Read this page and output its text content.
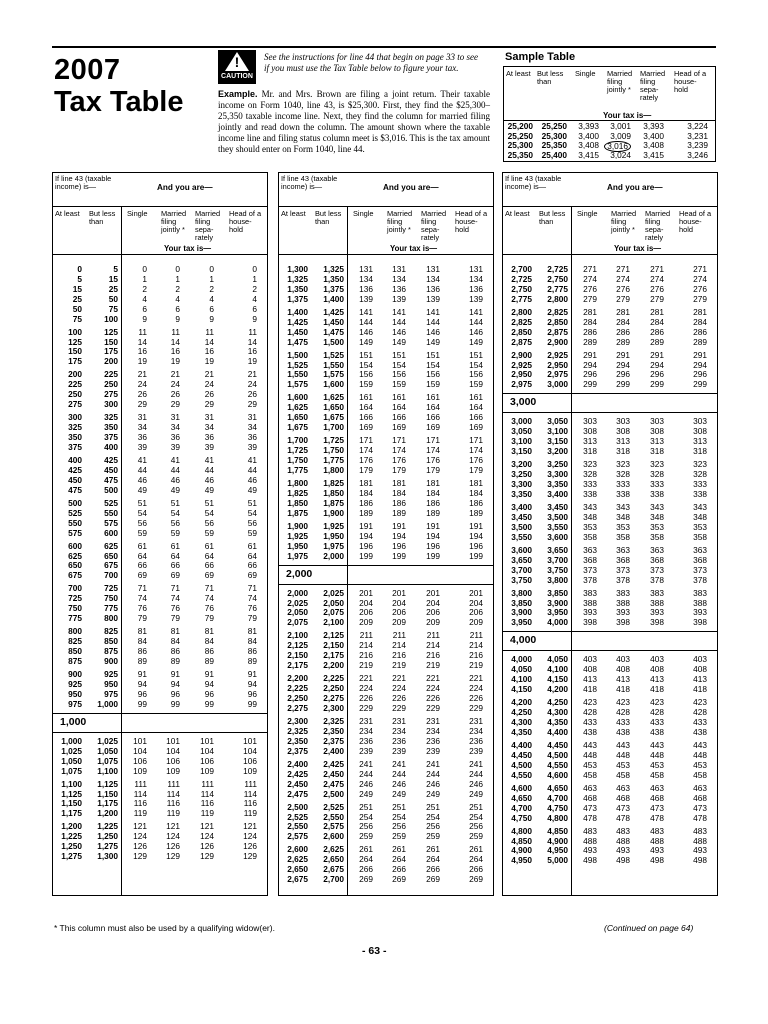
2007
Tax Table
!
CAUTION
See the instructions for line 44 that begin on page 33 to see if you must use the Tax Table below to figure your tax.
Example. Mr. and Mrs. Brown are filing a joint return. Their taxable income on Form 1040, line 43, is $25,300. First, they find the $25,300–25,350 taxable income line. Next, they find the column for married filing jointly and read down the column. The amount shown where the taxable income line and filing status column meet is $3,016. This is the tax amount they should enter on Form 1040, line 44.
Sample Table
At least But less than
Single	Married filing jointly *
Married filing sepa- rately
Head of a house- hold
Your tax is—
25,200 25,250 3,393 3,001 3,393	3,224
25,250 25,300 3,400 3,009 3,400	3,231
25,300 25,350 3,408 3,016	3,408	3,239
25,350 25,400 3,415 3,024 3,415	3,246
If line 43 (taxable income) is—	And you are—
At least	But less than
Single	Married filing jointly *
Married filing sepa- rately
Head of a house- hold
Your tax is—
0	5	0	0	0	0
5	15	1	1	1	1
15	25	2	2	2	2
25	50	4	4	4	4
50	75	6	6	6	6
75	100	9	9	9	9
100	125 11	11	11	11
125	150 14	14	14	14
150	175 16	16	16	16
175	200 19	19	19	19
200	225 21	21	21	21
225	250 24	24	24	24
250	275 26	26	26	26
275	300 29	29	29	29
300	325 31	31	31	31
325	350 34	34	34	34
350	375 36	36	36	36
375	400 39	39	39	39
400	425 41	41	41	41
425	450 44	44	44	44
450	475 46	46	46	46
475	500 49	49	49	49
500	525 51	51	51	51
525	550 54	54	54	54
550	575 56	56	56	56
575	600 59	59	59	59
600	625 61	61	61	61
625	650 64	64	64	64
650	675 66	66	66	66
675	700 69	69	69	69
700	725 71	71	71	71
725	750 74	74	74	74
750	775 76	76	76	76
775	800 79	79	79	79
800	825 81	81	81	81
825	850 84	84	84	84
850	875 86	86	86	86
875	900 89	89	89	89
900	925 91	91	91	91
925	950 94	94	94	94
950	975 96	96	96	96
975 1,000 99	99	99	99
1,000
1,000 1,025 101 101 101	101
1,025 1,050 104 104 104	104
1,050 1,075 106 106 106	106
1,075 1,100 109 109 109	109
1,100 1,125 111 111	111	111
1,125 1,150 114 114	114	114
1,150 1,175 116 116	116	116
1,175 1,200 119 119	119	119
1,200 1,225 121 121 121	121
1,225 1,250 124 124 124	124
1,250 1,275 126 126 126	126
1,275 1,300 129 129 129	129
If line 43 (taxable income) is—	And you are—
At least	But less than
Single	Married filing jointly *
Married filing sepa- rately
Head of a house- hold
Your tax is—
1,300 1,325 131 131 131	131
1,325 1,350 134 134 134	134
1,350 1,375 136 136 136	136
1,375 1,400 139 139 139	139
1,400 1,425 141 141 141	141
1,425 1,450 144 144 144	144
1,450 1,475 146 146 146	146
1,475 1,500 149 149 149	149
1,500 1,525 151 151 151	151
1,525 1,550 154 154 154	154
1,550 1,575 156 156 156	156
1,575 1,600 159 159 159	159
1,600 1,625 161 161 161	161
1,625 1,650 164 164 164	164
1,650 1,675 166 166 166	166
1,675 1,700 169 169 169	169
1,700 1,725 171 171 171	171
1,725 1,750 174 174 174	174
1,750 1,775 176 176 176	176
1,775 1,800 179 179 179	179
1,800 1,825 181 181 181	181
1,825 1,850 184 184 184	184
1,850 1,875 186 186 186	186
1,875 1,900 189 189 189	189
1,900 1,925 191 191 191	191
1,925 1,950 194 194 194	194
1,950 1,975 196 196 196	196
1,975 2,000 199 199 199	199
2,000
2,000 2,025 201 201 201	201
2,025 2,050 204 204 204	204
2,050 2,075 206 206 206	206
2,075 2,100 209 209 209	209
2,100 2,125 211 211	211	211
2,125 2,150 214 214 214	214
2,150 2,175 216 216 216	216
2,175 2,200 219 219 219	219
2,200 2,225 221 221 221	221
2,225 2,250 224 224 224	224
2,250 2,275 226 226 226	226
2,275 2,300 229 229 229	229
2,300 2,325 231 231 231	231
2,325 2,350 234 234 234	234
2,350 2,375 236 236 236	236
2,375 2,400 239 239 239	239
2,400 2,425 241 241 241	241
2,425 2,450 244 244 244	244
2,450 2,475 246 246 246	246
2,475 2,500 249 249 249	249
2,500 2,525 251 251 251	251
2,525 2,550 254 254 254	254
2,550 2,575 256 256 256	256
2,575 2,600 259 259 259	259
2,600 2,625 261 261 261	261
2,625 2,650 264 264 264	264
2,650 2,675 266 266 266	266
2,675 2,700 269 269 269	269
If line 43 (taxable income) is—	And you are—
At least	But less than
Single	Married filing jointly *
Married filing sepa- rately
Head of a house- hold
Your tax is—
2,700 2,725 271 271 271	271
2,725 2,750 274 274 274	274
2,750 2,775 276 276 276	276
2,775 2,800 279 279 279	279
2,800 2,825 281 281 281	281
2,825 2,850 284 284 284	284
2,850 2,875 286 286 286	286
2,875 2,900 289 289 289	289
2,900 2,925 291 291 291	291
2,925 2,950 294 294 294	294
2,950 2,975 296 296 296	296
2,975 3,000 299 299 299	299
3,000
3,000 3,050 303 303 303	303
3,050 3,100 308 308 308	308
3,100 3,150 313 313 313	313
3,150 3,200 318 318 318	318
3,200 3,250 323 323 323	323
3,250 3,300 328 328 328	328
3,300 3,350 333 333 333	333
3,350 3,400 338 338 338	338
3,400 3,450 343 343 343	343
3,450 3,500 348 348 348	348
3,500 3,550 353 353 353	353
3,550 3,600 358 358 358	358
3,600 3,650 363 363 363	363
3,650 3,700 368 368 368	368
3,700 3,750 373 373 373	373
3,750 3,800 378 378 378	378
3,800 3,850 383 383 383	383
3,850 3,900 388 388 388	388
3,900 3,950 393 393 393	393
3,950 4,000 398 398 398	398
4,000
4,000 4,050 403 403 403	403
4,050 4,100 408 408 408	408
4,100 4,150 413 413 413	413
4,150 4,200 418 418 418	418
4,200 4,250 423 423 423	423
4,250 4,300 428 428 428	428
4,300 4,350 433 433 433	433
4,350 4,400 438 438 438	438
4,400 4,450 443 443 443	443
4,450 4,500 448 448 448	448
4,500 4,550 453 453 453	453
4,550 4,600 458 458 458	458
4,600 4,650 463 463 463	463
4,650 4,700 468 468 468	468
4,700 4,750 473 473 473	473
4,750 4,800 478 478 478	478
4,800 4,850 483 483 483	483
4,850 4,900 488 488 488	488
4,900 4,950 493 493 493	493
4,950 5,000 498 498 498	498
* This column must also be used by a qualifying widow(er).	(Continued on page 64)
- 63 -
